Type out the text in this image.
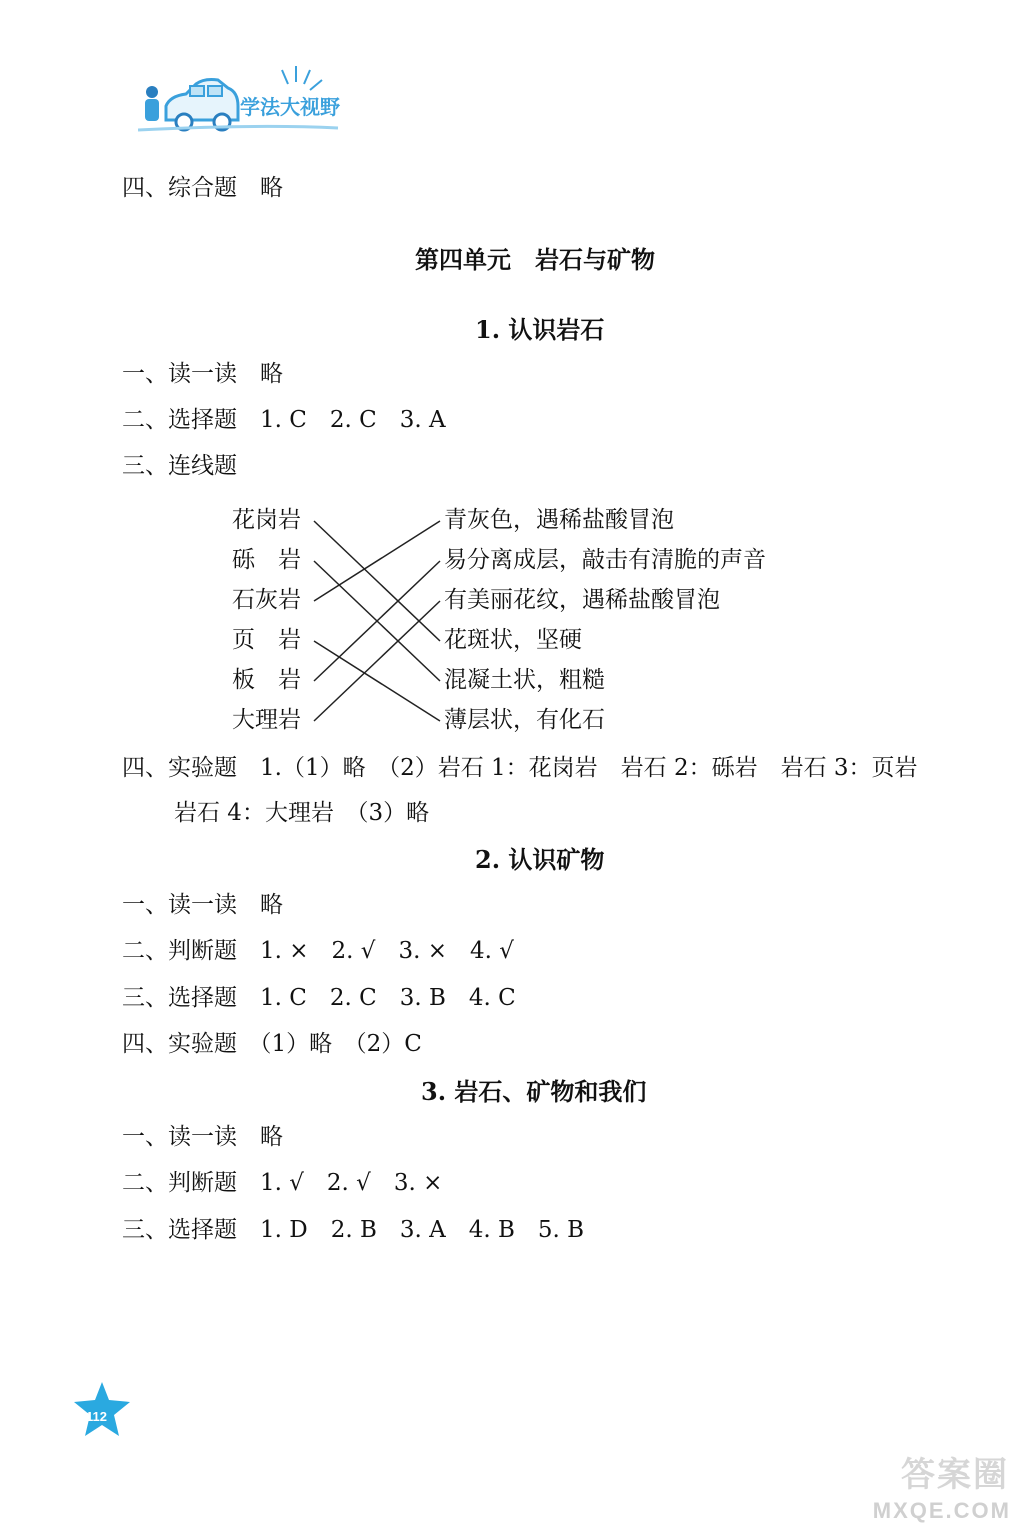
学法大视野
四、综合题　略
第四单元　岩石与矿物
1. 认识岩石
一、读一读　略
二、选择题　1. C　2. C　3. A
三、连线题
花岗岩
砾　岩
石灰岩
页　岩
板　岩
大理岩
青灰色，遇稀盐酸冒泡
易分离成层，敲击有清脆的声音
有美丽花纹，遇稀盐酸冒泡
花斑状，坚硬
混凝土状，粗糙
薄层状，有化石
四、实验题　1.（1）略　（2）岩石 1：花岗岩　岩石 2：砾岩　岩石 3：页岩
岩石 4：大理岩　（3）略
2. 认识矿物
一、读一读　略
二、判断题　1. ×　2. √　3. ×　4. √
三、选择题　1. C　2. C　3. B　4. C
四、实验题　（1）略　（2）C
3. 岩石、矿物和我们
一、读一读　略
二、判断题　1. √　2. √　3. ×
三、选择题　1. D　2. B　3. A　4. B　5. B
112
答案圈
MXQE.COM
